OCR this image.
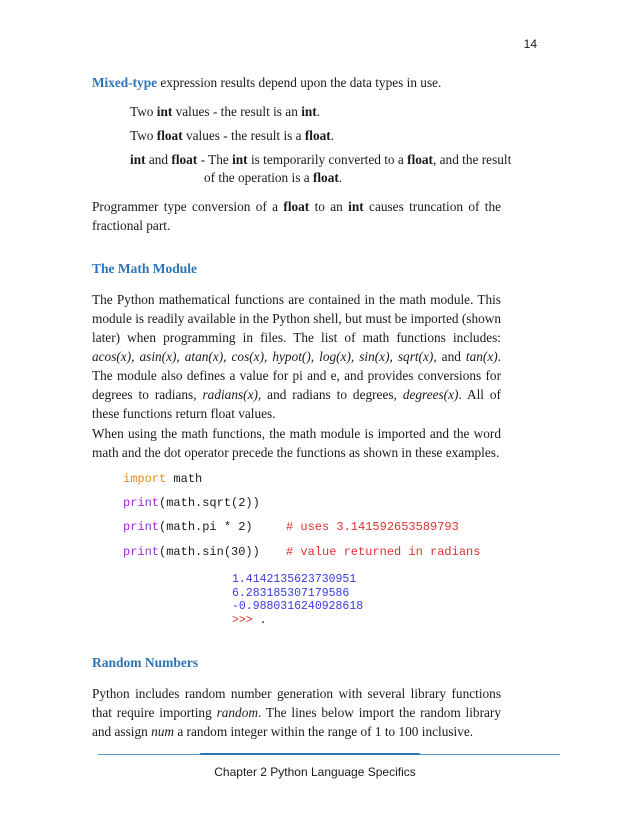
14
Mixed-type expression results depend upon the data types in use.
Two int values - the result is an int.
Two float values - the result is a float.
int and float - The int is temporarily converted to a float, and the result
of the operation is a float.
Programmer type conversion of a float to an int causes truncation of the fractional part.
The Math Module
The Python mathematical functions are contained in the math module. This module is readily available in the Python shell, but must be imported (shown later) when programming in files. The list of math functions includes: acos(x), asin(x), atan(x), cos(x), hypot(), log(x), sin(x), sqrt(x), and tan(x). The module also defines a value for pi and e, and provides conversions for degrees to radians, radians(x), and radians to degrees, degrees(x). All of these functions return float values.
When using the math functions, the math module is imported and the word math and the dot operator precede the functions as shown in these examples.
import math
print(math.sqrt(2))
print(math.pi * 2)	# uses 3.141592653589793
print(math.sin(30)) # value returned in radians
1.4142135623730951
6.283185307179586
-0.9880316240928618
>>> .
Random Numbers
Python includes random number generation with several library functions that require importing random. The lines below import the random library and assign num a random integer within the range of 1 to 100 inclusive.
Chapter 2 Python Language Specifics
